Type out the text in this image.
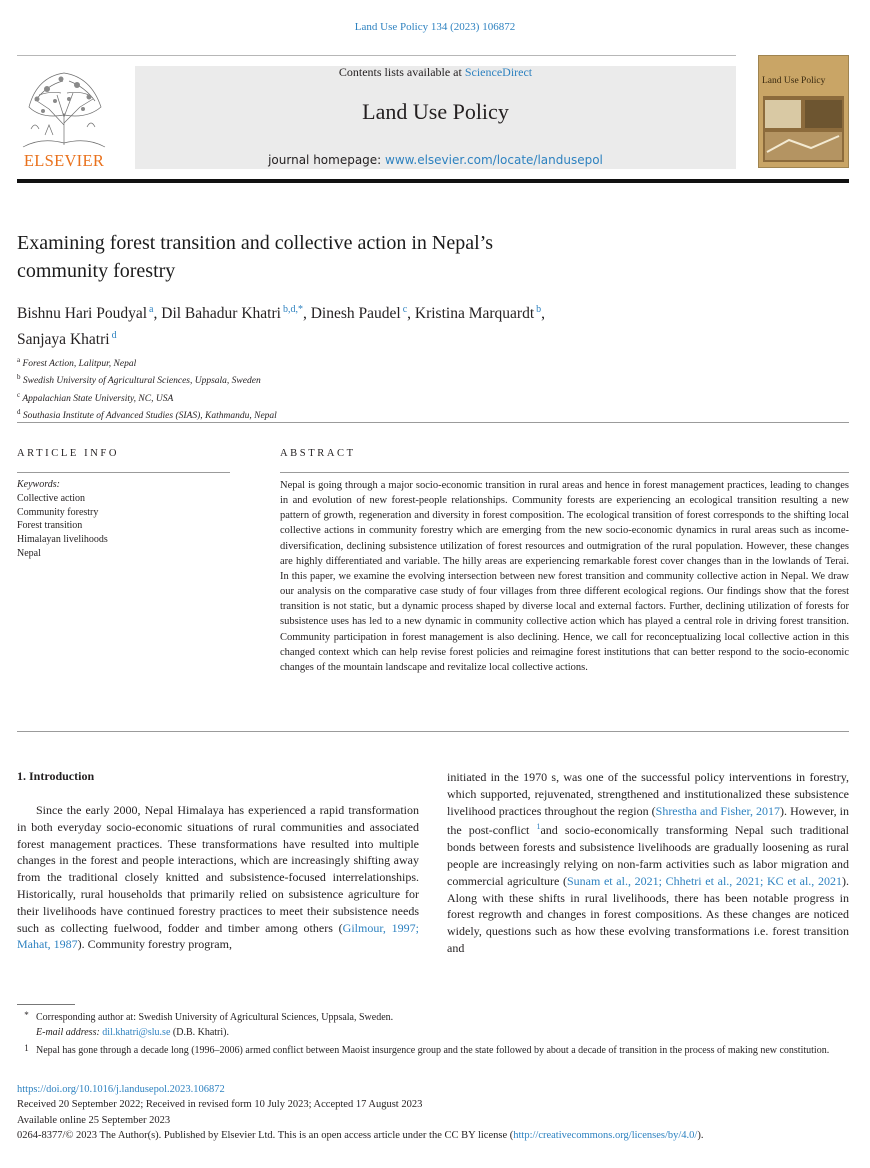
Land Use Policy 134 (2023) 106872
ELSEVIER
Contents lists available at ScienceDirect
Land Use Policy
journal homepage: www.elsevier.com/locate/landusepol
Land Use Policy
Examining forest transition and collective action in Nepal’s
community forestry
Bishnu Hari Poudyal  $^a$, Dil Bahadur Khatri  $^{b,d,*}$, Dinesh Paudel  $^c$, Kristina Marquardt  $^b$,
Sanjaya Khatri  $^d$
$^a$ Forest Action, Lalitpur, Nepal
$^b$ Swedish University of Agricultural Sciences, Uppsala, Sweden
$^c$ Appalachian State University, NC, USA
$^d$ Southasia Institute of Advanced Studies (SIAS), Kathmandu, Nepal
ARTICLE INFO
Keywords:
Collective action
Community forestry
Forest transition
Himalayan livelihoods
Nepal
ABSTRACT
Nepal is going through a major socio-economic transition in rural areas and hence in forest management practices, leading to changes in and evolution of new forest-people relationships. Community forests are experiencing an ecological transition resulting a new pattern of growth, regeneration and diversity in forest composition. The ecological transition of forest corresponds to the shifting local collective actions in community forestry which are emerging from the new socio-economic dynamics in rural areas such as income-diversification, declining subsistence utilization of forest resources and outmigration of the rural population. However, these changes are highly differentiated and variable. The hilly areas are experiencing remarkable forest cover changes than in the lowlands of Terai. In this paper, we examine the evolving intersection between new forest transition and community collective action in Nepal. We draw our analysis on the comparative case study of four villages from three different ecological regions. Our findings show that the forest transition is not static, but a dynamic process shaped by diverse local and external factors. Further, declining utilization of forests for subsistence uses has led to a new dynamic in community collective action which has played a central role in driving forest transition. Community participation in forest management is also declining. Hence, we call for reconceptualizing local collective action in this changed context which can help revise forest policies and reimagine forest institutions that can better respond to the socio-economic changes of the mountain landscape and revitalize local collective actions.
1. Introduction
Since the early 2000, Nepal Himalaya has experienced a rapid transformation in both everyday socio-economic situations of rural communities and associated forest management practices. These transformations have resulted into multiple changes in the forest and people interactions, which are increasingly shifting away from the traditional closely knitted and subsistence-focused interrelationships. Historically, rural households that primarily relied on subsistence agriculture for their livelihoods have continued forestry practices to meet their subsistence needs such as collecting fuelwood, fodder and timber among others (Gilmour, 1997; Mahat, 1987). Community forestry program,
initiated in the 1970 s, was one of the successful policy interventions in forestry, which supported, rejuvenated, strengthened and institutionalized these subsistence livelihood practices throughout the region (Shrestha and Fisher, 2017). However, in the post-conflict $^1$and socio-economically transforming Nepal such traditional bonds between forests and subsistence livelihoods are gradually loosening as rural people are increasingly relying on non-farm activities such as labor migration and commercial agriculture (Sunam et al., 2021; Chhetri et al., 2021; KC et al., 2021). Along with these shifts in rural livelihoods, there has been notable progress in forest regrowth and changes in forest compositions. As these changes are noticed widely, questions such as how these evolving transformations i.e. forest transition and
* Corresponding author at: Swedish University of Agricultural Sciences, Uppsala, Sweden.
E-mail address: dil.khatri@slu.se (D.B. Khatri).
1 Nepal has gone through a decade long (1996–2006) armed conflict between Maoist insurgence group and the state followed by about a decade of transition in the process of making new constitution.
https://doi.org/10.1016/j.landusepol.2023.106872
Received 20 September 2022; Received in revised form 10 July 2023; Accepted 17 August 2023
Available online 25 September 2023
0264-8377/© 2023 The Author(s). Published by Elsevier Ltd. This is an open access article under the CC BY license (http://creativecommons.org/licenses/by/4.0/).
